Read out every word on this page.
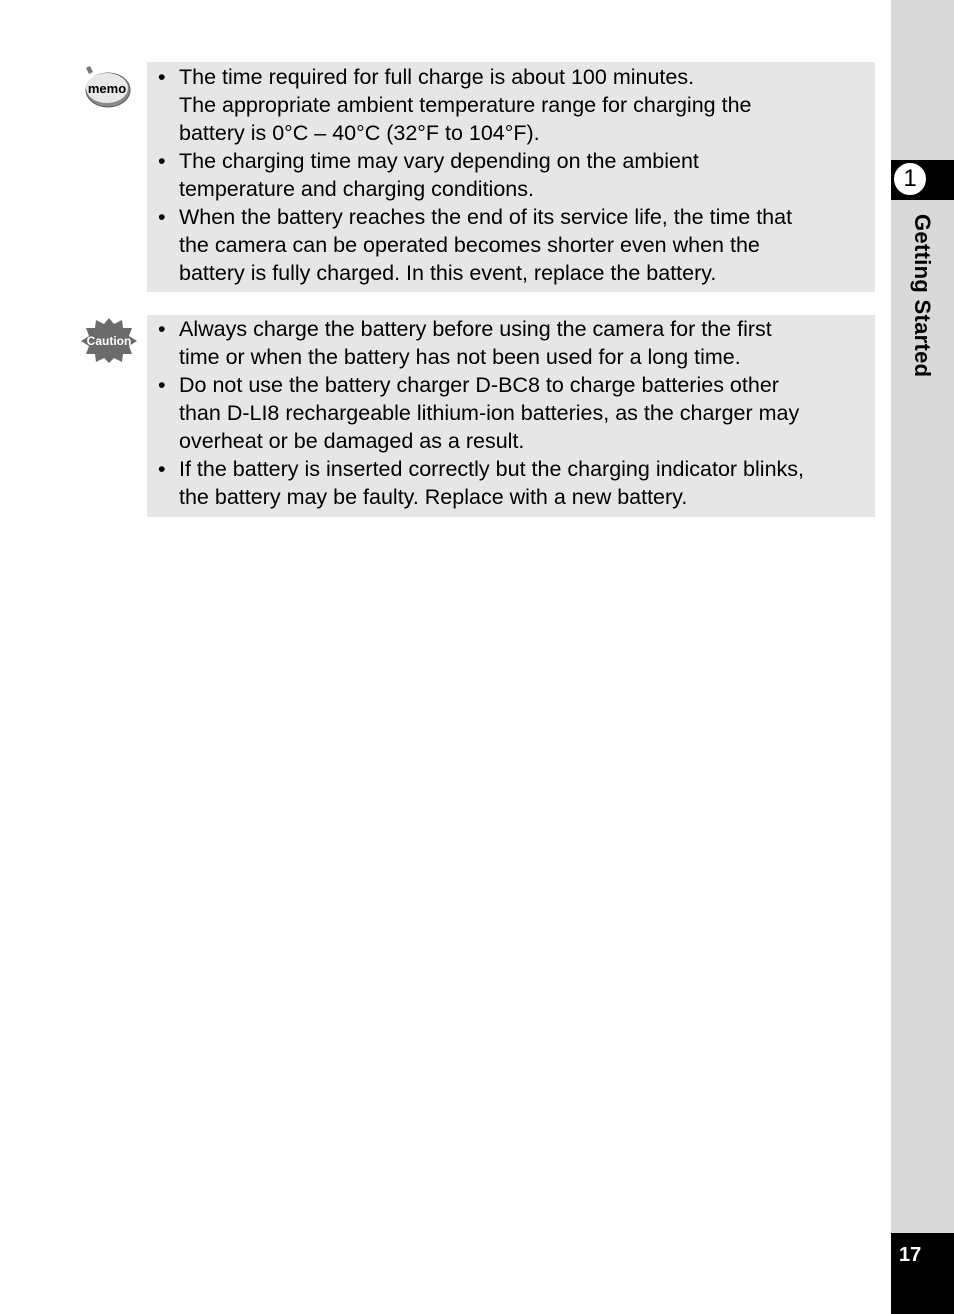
1
Getting Started
17
memo • The time required for full charge is about 100 minutes.
The appropriate ambient temperature range for charging the
battery is 0°C – 40°C (32°F to 104°F).
• The charging time may vary depending on the ambient
temperature and charging conditions.
• When the battery reaches the end of its service life, the time that
the camera can be operated becomes shorter even when the
battery is fully charged. In this event, replace the battery.
Caution • Always charge the battery before using the camera for the first
time or when the battery has not been used for a long time.
• Do not use the battery charger D-BC8 to charge batteries other
than D-LI8 rechargeable lithium-ion batteries, as the charger may
overheat or be damaged as a result.
• If the battery is inserted correctly but the charging indicator blinks,
the battery may be faulty. Replace with a new battery.
